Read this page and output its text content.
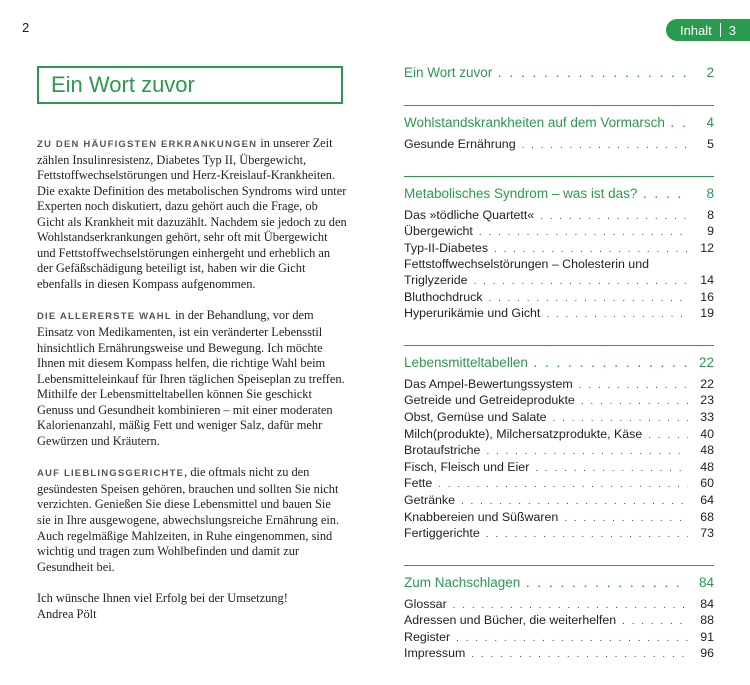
2	Inhalt 3
Ein Wort zuvor

ZU DEN HÄUFIGSTEN ERKRANKUNGEN in unserer Zeit zählen Insulinresistenz, Diabetes Typ II, Übergewicht, Fettstoffwechselstörungen und Herz-Kreislauf-Krankheiten. Die exakte Definition des metabolischen Syndroms wird unter Experten noch diskutiert, dazu gehört auch die Frage, ob Gicht als Krankheit mit dazuzählt. Nachdem sie jedoch zu den Wohlstandserkrankungen gehört, sehr oft mit Übergewicht und Fettstoffwechselstörungen einhergeht und erheblich an der Gefäßschädigung beteiligt ist, haben wir die Gicht ebenfalls in diesen Kompass aufgenommen.

DIE ALLERERSTE WAHL in der Behandlung, vor dem Einsatz von Medikamenten, ist ein veränderter Lebensstil hinsichtlich Ernährungsweise und Bewegung. Ich möchte Ihnen mit diesem Kompass helfen, die richtige Wahl beim Lebensmitteleinkauf für Ihren täglichen Speiseplan zu treffen. Mithilfe der Lebensmitteltabellen können Sie geschickt Genuss und Gesundheit kombinieren – mit einer moderaten Kalorienanzahl, mäßig Fett und weniger Salz, dafür mehr Gewürzen und Kräutern.

AUF LIEBLINGSGERICHTE, die oftmals nicht zu den gesündesten Speisen gehören, brauchen und sollten Sie nicht verzichten. Genießen Sie diese Lebensmittel und bauen Sie sie in Ihre ausgewogene, abwechslungsreiche Ernährung ein. Auch regelmäßige Mahlzeiten, in Ruhe eingenommen, sind wichtig und tragen zum Wohlbefinden und damit zur Gesundheit bei.

Ich wünsche Ihnen viel Erfolg bei der Umsetzung!
Andrea Pölt

Ein Wort zuvor . . .	2
Wohlstandskrankheiten auf dem Vormarsch . . .	4
Gesunde Ernährung . . .	5
Metabolisches Syndrom – was ist das? . . .	8
Das »tödliche Quartett« . . .	8
Übergewicht . . .	9
Typ-II-Diabetes . . .	12
Fettstoffwechselstörungen – Cholesterin und
Triglyzeride . . .	14
Bluthochdruck . . .	16
Hyperurikämie und Gicht . . .	19
Lebensmitteltabellen . . .	22
Das Ampel-Bewertungssystem . . .	22
Getreide und Getreideprodukte . . .	23
Obst, Gemüse und Salate . . .	33
Milch(produkte), Milchersatzprodukte, Käse . . .	40
Brotaufstriche . . .	48
Fisch, Fleisch und Eier . . .	48
Fette . . .	60
Getränke . . .	64
Knabbereien und Süßwaren . . .	68
Fertiggerichte . . .	73
Zum Nachschlagen . . .	84
Glossar . . .	84
Adressen und Bücher, die weiterhelfen . . .	88
Register . . .	91
Impressum . . .	96
